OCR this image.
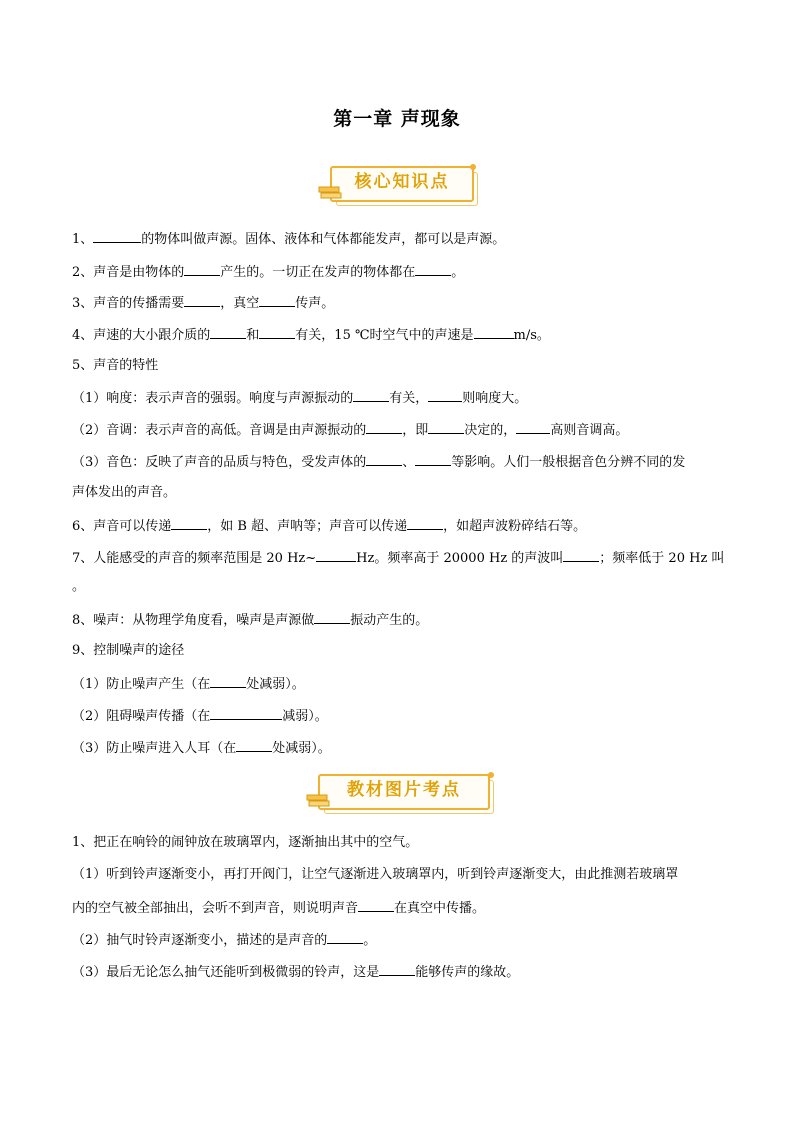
第一章 声现象
核心知识点
教材图片考点
1、	的物体叫做声源。固体、液体和气体都能发声，都可以是声源。
2、声音是由物体的	产生的。一切正在发声的物体都在	。
3、声音的传播需要	，真空	传声。
4、声速的大小跟介质的	和	有关，15 ℃时空气中的声速是	m/s。
5、声音的特性
（1）响度：表示声音的强弱。响度与声源振动的	有关，	则响度大。
（2）音调：表示声音的高低。音调是由声源振动的	，即	决定的，	高则音调高。
（3）音色：反映了声音的品质与特色，受发声体的	、	等影响。人们一般根据音色分辨不同的发
声体发出的声音。
6、声音可以传递	，如 B 超、声呐等；声音可以传递	，如超声波粉碎结石等。
7、人能感受的声音的频率范围是 20 Hz~	Hz。频率高于 20000 Hz 的声波叫	；频率低于 20 Hz 叫
。
8、噪声：从物理学角度看，噪声是声源做	振动产生的。
9、控制噪声的途径
（1）防止噪声产生（在	处减弱）。
（2）阻碍噪声传播（在	减弱）。
（3）防止噪声进入人耳（在	处减弱）。
1、把正在响铃的闹钟放在玻璃罩内，逐渐抽出其中的空气。
（1）听到铃声逐渐变小，再打开阀门，让空气逐渐进入玻璃罩内，听到铃声逐渐变大，由此推测若玻璃罩
内的空气被全部抽出，会听不到声音，则说明声音	在真空中传播。
（2）抽气时铃声逐渐变小，描述的是声音的	。
（3）最后无论怎么抽气还能听到极微弱的铃声，这是	能够传声的缘故。
